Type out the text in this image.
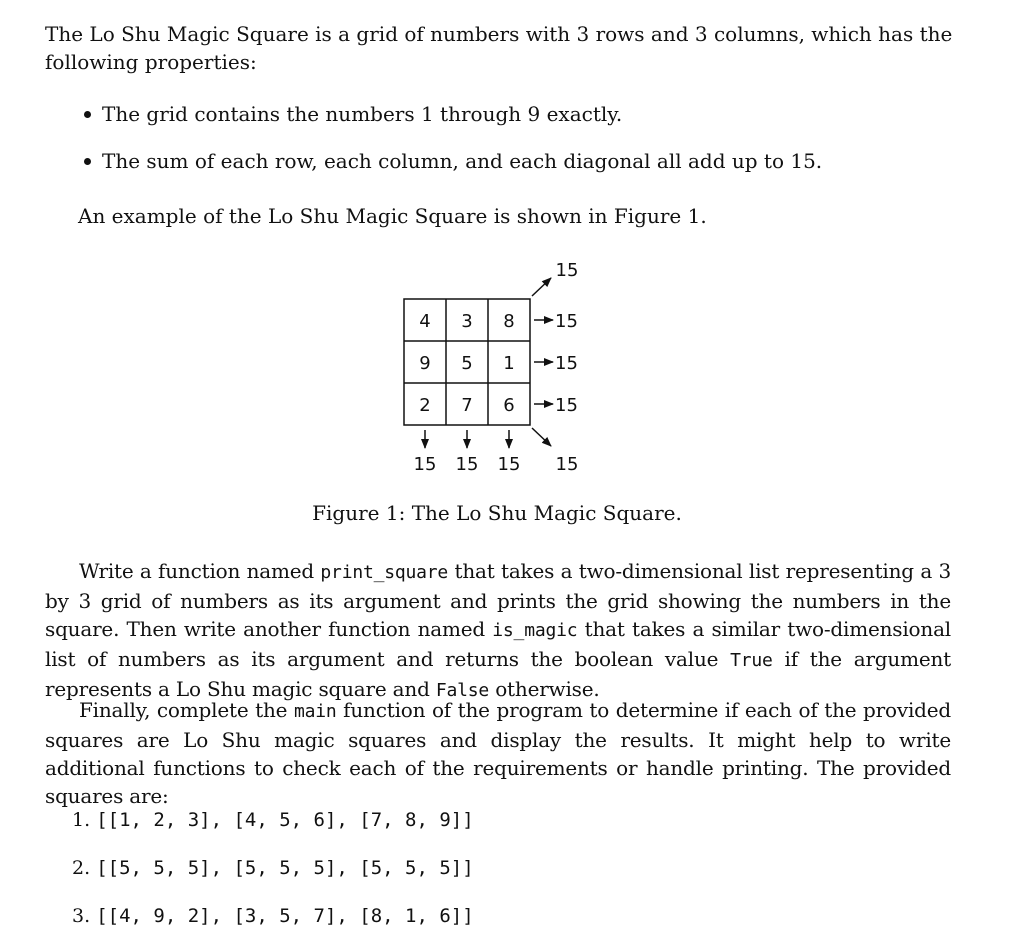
The Lo Shu Magic Square is a grid of numbers with 3 rows and 3 columns, which has the following properties:

The grid contains the numbers 1 through 9 exactly.
The sum of each row, each column, and each diagonal all add up to 15.

An example of the Lo Shu Magic Square is shown in Figure 1.

4 3 8
9 5 1
2 7 6
15
15
15
15 15 15
15
15

Figure 1: The Lo Shu Magic Square.

Write a function named print_square that takes a two-dimensional list representing a 3 by 3 grid of numbers as its argument and prints the grid showing the numbers in the square. Then write another function named is_magic that takes a similar two-dimensional list of numbers as its argument and returns the boolean value True if the argument represents a Lo Shu magic square and False otherwise.

Finally, complete the main function of the program to determine if each of the provided squares are Lo Shu magic squares and display the results. It might help to write additional functions to check each of the requirements or handle printing. The provided squares are:

1. [[1, 2, 3], [4, 5, 6], [7, 8, 9]]
2. [[5, 5, 5], [5, 5, 5], [5, 5, 5]]
3. [[4, 9, 2], [3, 5, 7], [8, 1, 6]]
